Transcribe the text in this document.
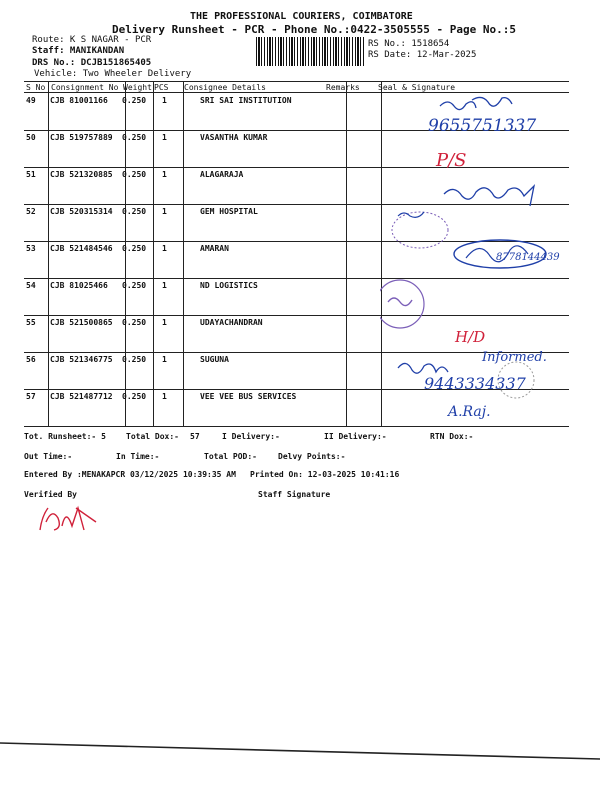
THE PROFESSIONAL COURIERS, COIMBATORE
Delivery Runsheet - PCR - Phone No.:0422-3505555 - Page No.:5
Route: K S NAGAR - PCR
Staff: MANIKANDAN
DRS No.: DCJB151865405
Vehicle: Two Wheeler Delivery
RS No.: 1518654
RS Date: 12-Mar-2025
S No Consignment No Weight PCS Consignee Details	Remarks Seal & Signature
49 CJB 81001166 0.250 1	SRI SAI INSTITUTION
50 CJB 519757889 0.250 1	VASANTHA KUMAR
51 CJB 521320885 0.250 1	ALAGARAJA
52 CJB 520315314 0.250 1	GEM HOSPITAL
53 CJB 521484546 0.250 1	AMARAN
54 CJB 81025466 0.250 1	ND LOGISTICS
55 CJB 521500865 0.250 1	UDAYACHANDRAN
56 CJB 521346775 0.250 1	SUGUNA
57 CJB 521487712 0.250 1	VEE VEE BUS SERVICES
9655751337
P/S
8778144439
H/D
Informed.
9443334337
A.Raj.
Tot. Runsheet:- 5	Total Dox:- 57	I Delivery:-	II Delivery:-	RTN Dox:-
Out Time:-	In Time:-	Total POD:-	Delvy Points:-
Entered By :MENAKAPCR 03/12/2025 10:39:35 AM Printed On: 12-03-2025 10:41:16
Verified By	Staff Signature
